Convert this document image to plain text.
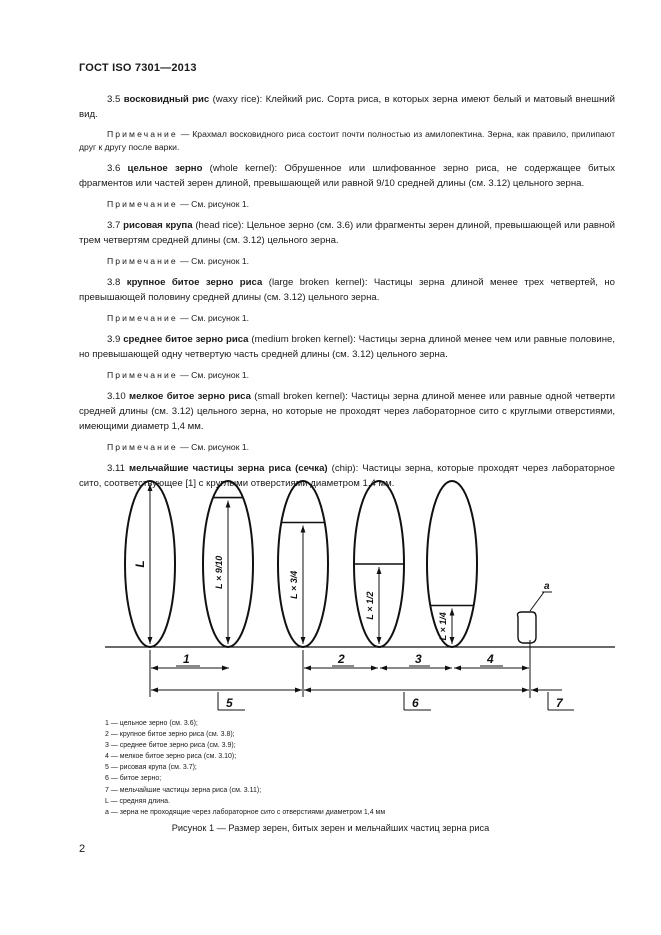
ГОСТ ISO 7301—2013

3.5 восковидный рис (waxy rice): Клейкий рис. Сорта риса, в которых зерна имеют белый и матовый внешний вид.

Примечание — Крахмал восковидного риса состоит почти полностью из амилопектина. Зерна, как правило, прилипают друг к другу после варки.

3.6 цельное зерно (whole kernel): Обрушенное или шлифованное зерно риса, не содержащее битых фрагментов или частей зерен длиной, превышающей или равной 9/10 средней длины (см. 3.12) цельного зерна.

Примечание — См. рисунок 1.

3.7 рисовая крупа (head rice): Цельное зерно (см. 3.6) или фрагменты зерен длиной, превышающей или равной трем четвертям средней длины (см. 3.12) цельного зерна.

Примечание — См. рисунок 1.

3.8 крупное битое зерно риса (large broken kernel): Частицы зерна длиной менее трех четвертей, но превышающей половину средней длины (см. 3.12) цельного зерна.

Примечание — См. рисунок 1.

3.9 среднее битое зерно риса (medium broken kernel): Частицы зерна длиной менее чем или равные половине, но превышающей одну четвертую часть средней длины (см. 3.12) цельного зерна.

Примечание — См. рисунок 1.

3.10 мелкое битое зерно риса (small broken kernel): Частицы зерна длиной менее или равные одной четверти средней длины (см. 3.12) цельного зерна, но которые не проходят через лабораторное сито с круглыми отверстиями, имеющими диаметр 1,4 мм.

Примечание — См. рисунок 1.

3.11 мельчайшие частицы зерна риса (сечка) (chip): Частицы зерна, которые проходят через лабораторное сито, соответствующее [1] с круглыми отверстиями диаметром 1,4 мм.

L	L × 9/10	L × 3/4
L × 1/2
L × 1/4
1	2	3	4
5	6	7
a
1 — цельное зерно (см. 3.6);
2 — крупное битое зерно риса (см. 3.8);
3 — среднее битое зерно риса (см. 3.9);
4 — мелкое битое зерно риса (см. 3.10);
5 — рисовая крупа (см. 3.7);
6 — битое зерно;
7 — мельчайшие частицы зерна риса (см. 3.11);
L — средняя длина.
a — зерна не проходящие через лабораторное сито с отверстиями диаметром 1,4 мм
Рисунок 1 — Размер зерен, битых зерен и мельчайших частиц зерна риса
2
